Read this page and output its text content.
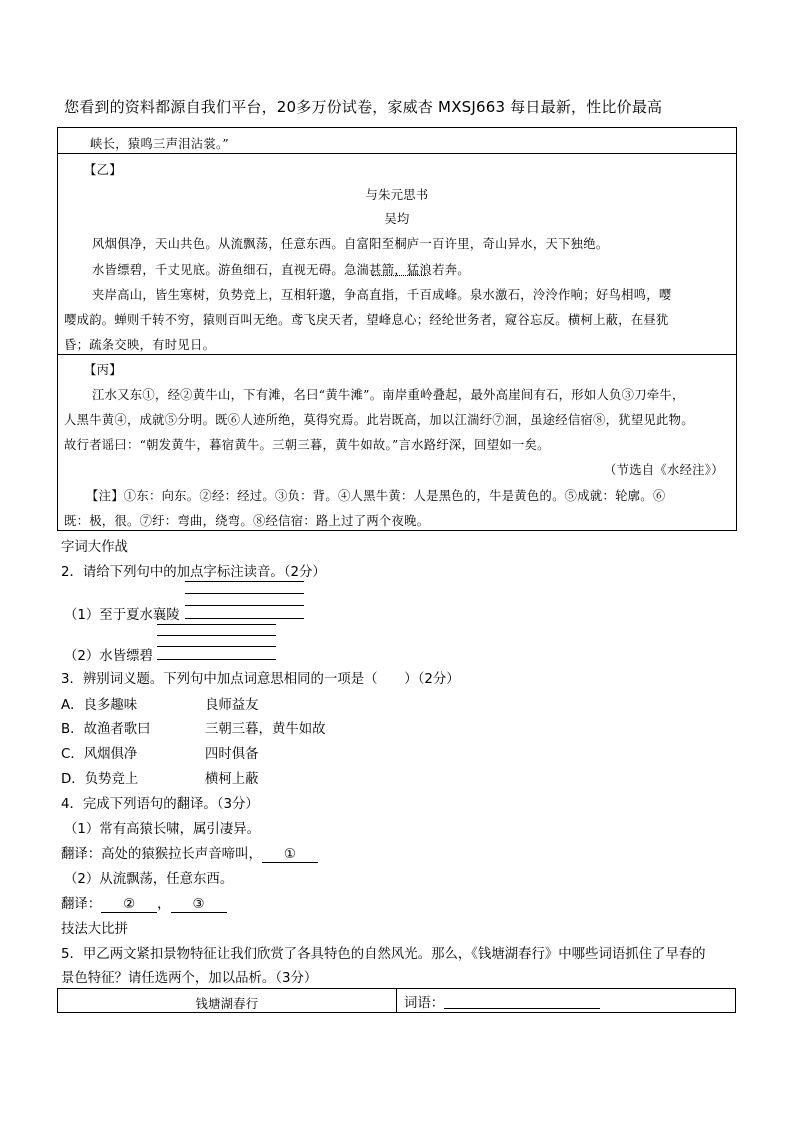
您看到的资料都源自我们平台，20多万份试卷，家威杏 MXSJ663 每日最新，性比价最高
峡长，猿鸣三声泪沾裳。”
【乙】
与朱元思书
吴均
风烟俱净，天山共色。从流飘荡，任意东西。自富阳至桐庐一百许里，奇山异水，天下独绝。
水皆缥碧，千丈见底。游鱼细石，直视无碍。急湍甚箭，猛浪若奔。
夹岸高山，皆生寒树，负势竞上，互相轩邈，争高直指，千百成峰。泉水激石，泠泠作响；好鸟相鸣，嘤
嘤成韵。蝉则千转不穷，猿则百叫无绝。鸢飞戾天者，望峰息心；经纶世务者，窥谷忘反。横柯上蔽，在昼犹
昏；疏条交映，有时见日。
【丙】
江水又东①，经②黄牛山，下有滩，名曰“黄牛滩”。南岸重岭叠起，最外高崖间有石，形如人负③刀牵牛，
人黑牛黄④，成就⑤分明。既⑥人迹所绝，莫得究焉。此岩既高，加以江湍纡⑦洄，虽途经信宿⑧，犹望见此物。
故行者谣曰：“朝发黄牛，暮宿黄牛。三朝三暮，黄牛如故。”言水路纡深，回望如一矣。
（节选自《水经注》）
【注】①东：向东。②经：经过。③负：背。④人黑牛黄：人是黑色的，牛是黄色的。⑤成就：轮廓。⑥
既：极，很。⑦纡：弯曲，绕弯。⑧经信宿：路上过了两个夜晚。
字词大作战
2．请给下列句中的加点字标注读音。（2分）
（1）至于夏水襄陵
（2）水皆缥碧
3．辨别词义题。下列句中加点词意思相同的一项是（　　）（2分）
A．良多趣味	良师益友
B．故渔者歌曰	三朝三暮，黄牛如故
C．风烟俱净	四时俱备
D．负势竞上	横柯上蔽
4．完成下列语句的翻译。（3分）
（1）常有高猿长啸，属引凄异。
翻译：高处的猿猴拉长声音啼叫， ①
（2）从流飘荡，任意东西。
翻译： ② ， ③
技法大比拼
5．甲乙两文紧扣景物特征让我们欣赏了各具特色的自然风光。那么，《钱塘湖春行》中哪些词语抓住了早春的
景色特征？请任选两个，加以品析。（3分）
钱塘湖春行	词语：
